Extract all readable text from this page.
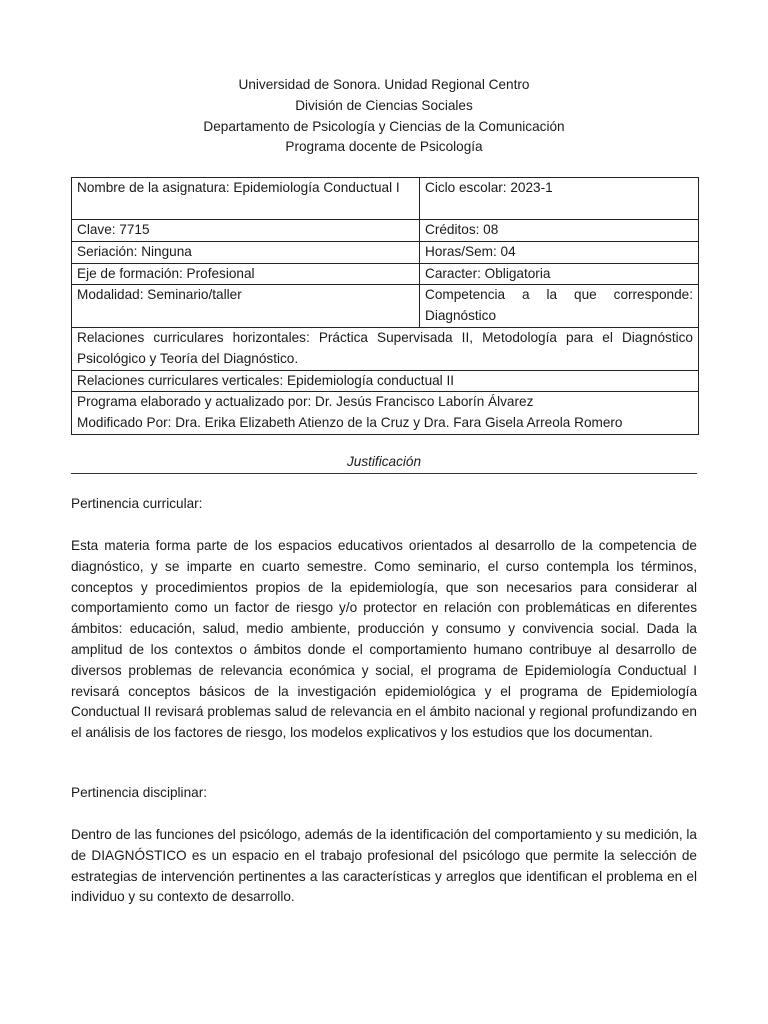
Universidad de Sonora. Unidad Regional Centro
División de Ciencias Sociales
Departamento de Psicología y Ciencias de la Comunicación
Programa docente de Psicología
Nombre de la asignatura: Epidemiología Conductual I	Ciclo escolar: 2023-1
Clave: 7715	Créditos: 08
Seriación: Ninguna	Horas/Sem: 04
Eje de formación: Profesional	Caracter: Obligatoria
Modalidad: Seminario/taller	Competencia a la que corresponde: Diagnóstico
Relaciones curriculares horizontales: Práctica Supervisada II, Metodología para el Diagnóstico Psicológico y Teoría del Diagnóstico.	
Relaciones curriculares verticales: Epidemiología conductual II	

Programa elaborado y actualizado por: Dr. Jesús Francisco Laborín Álvarez
Modificado Por: Dra. Erika Elizabeth Atienzo de la Cruz y Dra. Fara Gisela Arreola Romero	
Justificación

Pertinencia curricular:

Esta materia forma parte de los espacios educativos orientados al desarrollo de la competencia de diagnóstico, y se imparte en cuarto semestre. Como seminario, el curso contempla los términos, conceptos y procedimientos propios de la epidemiología, que son necesarios para considerar al comportamiento como un factor de riesgo y/o protector en relación con problemáticas en diferentes ámbitos: educación, salud, medio ambiente, producción y consumo y convivencia social. Dada la amplitud de los contextos o ámbitos donde el comportamiento humano contribuye al desarrollo de diversos problemas de relevancia económica y social, el programa de Epidemiología Conductual I revisará conceptos básicos de la investigación epidemiológica y el programa de Epidemiología Conductual II revisará problemas salud de relevancia en el ámbito nacional y regional profundizando en el análisis de los factores de riesgo, los modelos explicativos y los estudios que los documentan.

Pertinencia disciplinar:

Dentro de las funciones del psicólogo, además de la identificación del comportamiento y su medición, la de DIAGNÓSTICO es un espacio en el trabajo profesional del psicólogo que permite la selección de estrategias de intervención pertinentes a las características y arreglos que identifican el problema en el individuo y su contexto de desarrollo.
